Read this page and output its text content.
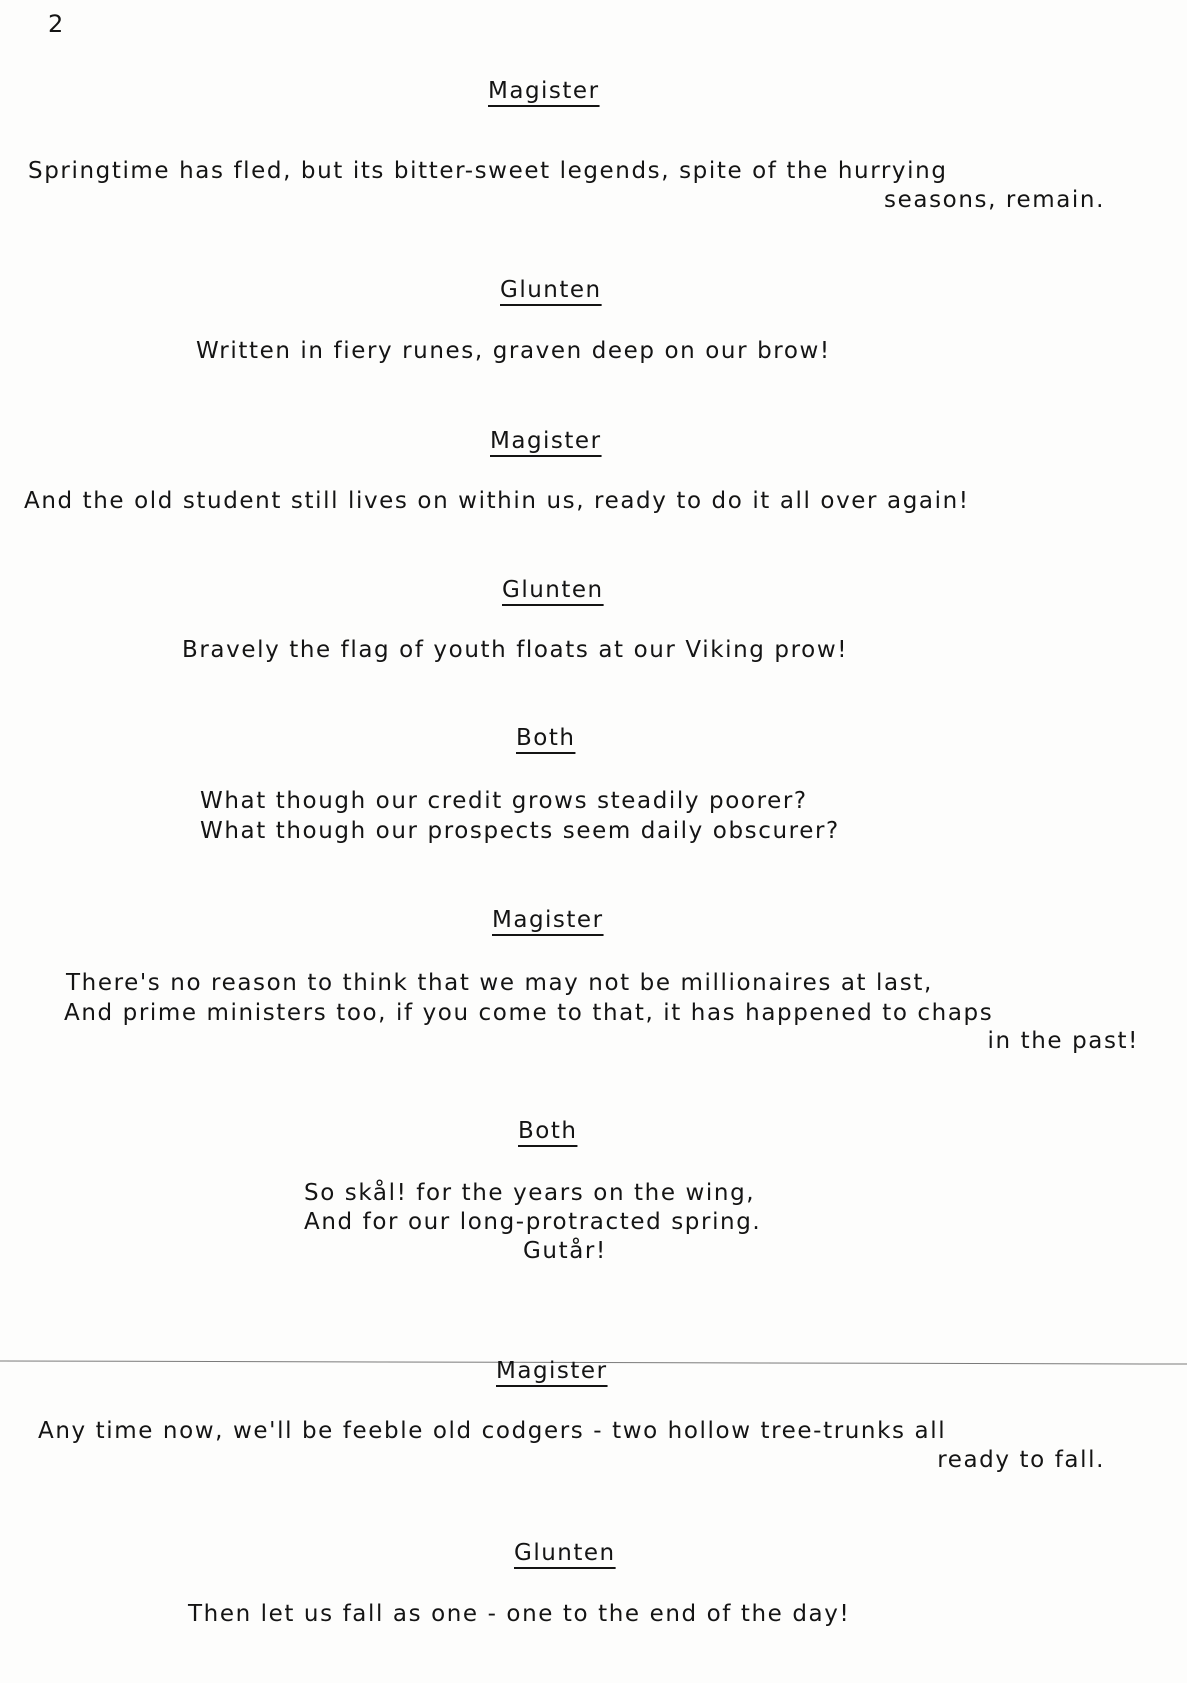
2
Magister
Springtime has fled, but its bitter-sweet legends, spite of the hurrying
seasons, remain.
Glunten
Written in fiery runes, graven deep on our brow!
Magister
And the old student still lives on within us, ready to do it all over again!
Glunten
Bravely the flag of youth floats at our Viking prow!
Both
What though our credit grows steadily poorer?
What though our prospects seem daily obscurer?
Magister
There's no reason to think that we may not be millionaires at last,
And prime ministers too, if you come to that, it has happened to chaps
in the past!
Both
So skål! for the years on the wing,
And for our long-protracted spring.
Gutår!
Magister
Any time now, we'll be feeble old codgers - two hollow tree-trunks all
ready to fall.
Glunten
Then let us fall as one - one to the end of the day!
